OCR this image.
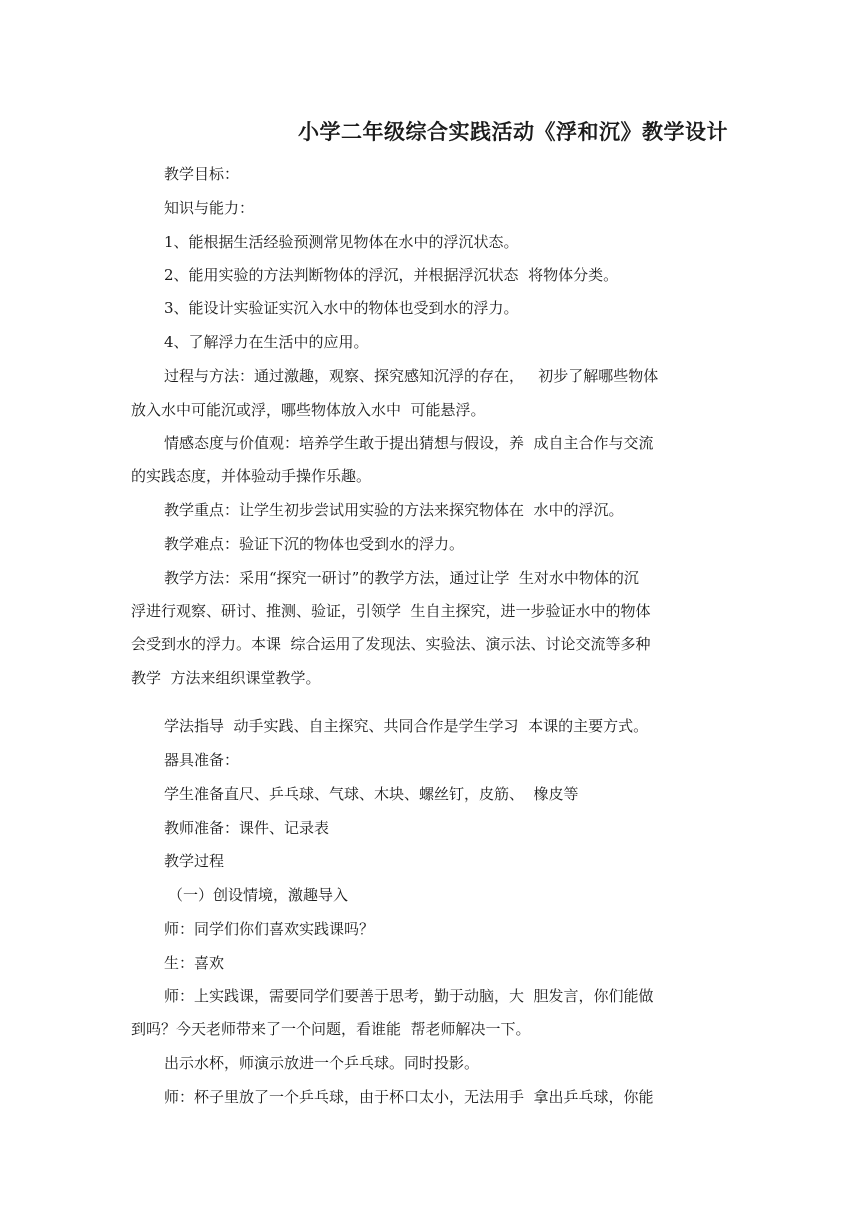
小学二年级综合实践活动《浮和沉》教学设计
教学目标：
知识与能力：
1、能根据生活经验预测常见物体在水中的浮沉状态。
2、能用实验的方法判断物体的浮沉，并根据浮沉状态  将物体分类。
3、能设计实验证实沉入水中的物体也受到水的浮力。
4、了解浮力在生活中的应用。
过程与方法：通过激趣，观察、探究感知沉浮的存在，   初步了解哪些物体
放入水中可能沉或浮，哪些物体放入水中  可能悬浮。
情感态度与价值观：培养学生敢于提出猜想与假设，养  成自主合作与交流
的实践态度，并体验动手操作乐趣。
教学重点：让学生初步尝试用实验的方法来探究物体在  水中的浮沉。
教学难点：验证下沉的物体也受到水的浮力。
教学方法：采用“探究一研讨”的教学方法，通过让学  生对水中物体的沉
浮进行观察、研讨、推测、验证，引领学  生自主探究，进一步验证水中的物体
会受到水的浮力。本课  综合运用了发现法、实验法、演示法、讨论交流等多种
教学  方法来组织课堂教学。
学法指导  动手实践、自主探究、共同合作是学生学习  本课的主要方式。
器具准备：
学生准备直尺、乒乓球、气球、木块、螺丝钉，皮筋、  橡皮等
教师准备：课件、记录表
教学过程
（一）创设情境，激趣导入
师：同学们你们喜欢实践课吗？
生：喜欢
师：上实践课，需要同学们要善于思考，勤于动脑，大  胆发言，你们能做
到吗？今天老师带来了一个问题，看谁能  帮老师解决一下。
出示水杯，师演示放进一个乒乓球。同时投影。
师：杯子里放了一个乒乓球，由于杯口太小，无法用手  拿出乒乓球，你能
